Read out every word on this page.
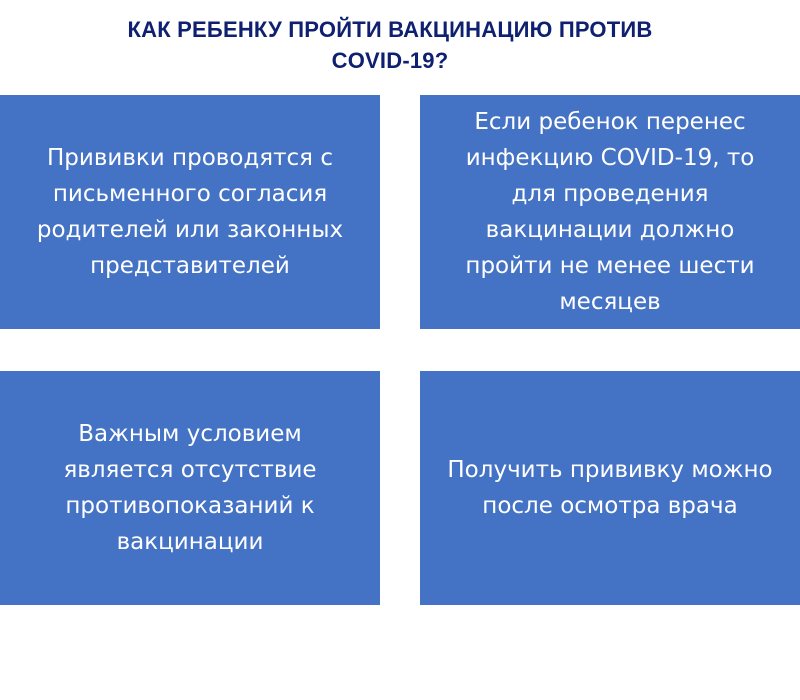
КАК РЕБЕНКУ ПРОЙТИ ВАКЦИНАЦИЮ ПРОТИВ
COVID-19?

Прививки проводятся с
письменного согласия
родителей или законных
представителей

Если ребенок перенес
инфекцию COVID-19, то
для проведения
вакцинации должно
пройти не менее шести
месяцев

Важным условием
является отсутствие
противопоказаний к
вакцинации

Получить прививку можно
после осмотра врача
